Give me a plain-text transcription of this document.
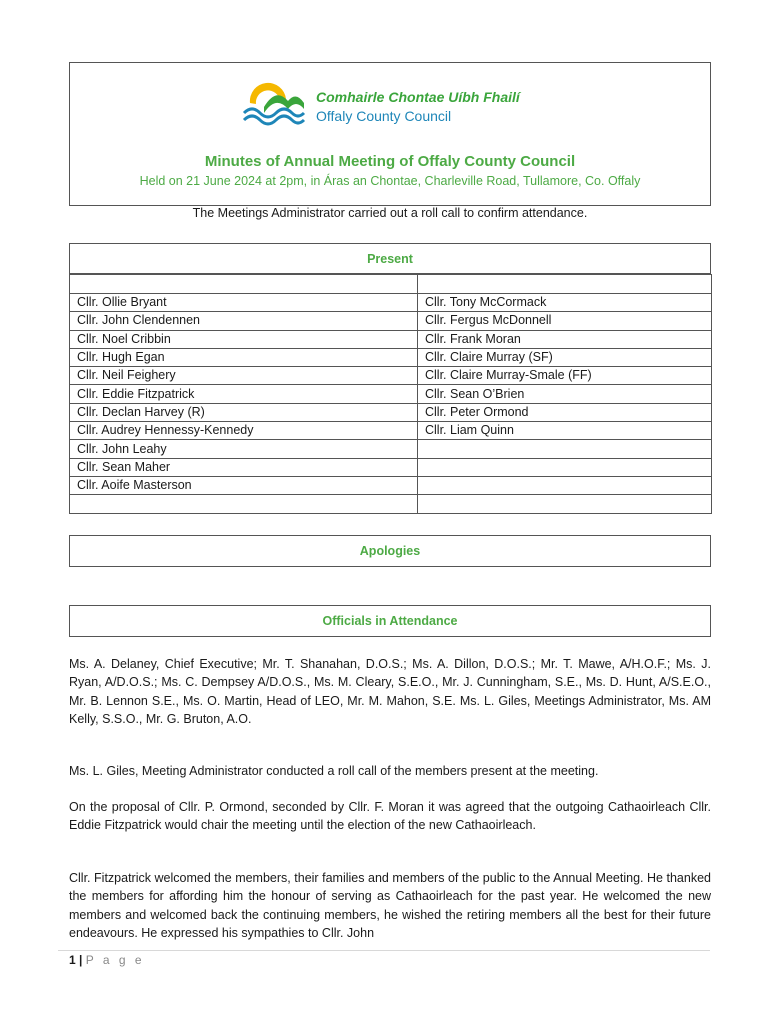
Comhairle Chontae Uíbh Fhailí
Offaly County Council
Minutes of Annual Meeting of Offaly County Council
Held on 21 June 2024 at 2pm, in Áras an Chontae, Charleville Road, Tullamore, Co. Offaly
The Meetings Administrator carried out a roll call to confirm attendance.
Present

Cllr. Ollie Bryant	Cllr. Tony McCormack
Cllr. John Clendennen	Cllr. Fergus McDonnell
Cllr. Noel Cribbin	Cllr. Frank Moran
Cllr. Hugh Egan	Cllr. Claire Murray (SF)
Cllr. Neil Feighery	Cllr. Claire Murray-Smale (FF)
Cllr. Eddie Fitzpatrick	Cllr. Sean O’Brien
Cllr. Declan Harvey (R)	Cllr. Peter Ormond
Cllr. Audrey Hennessy-Kennedy	Cllr. Liam Quinn
Cllr. John Leahy	
Cllr. Sean Maher	
Cllr. Aoife Masterson	

Apologies
Officials in Attendance
Ms. A. Delaney, Chief Executive; Mr. T. Shanahan, D.O.S.; Ms. A. Dillon, D.O.S.; Mr. T. Mawe, A/H.O.F.; Ms. J. Ryan, A/D.O.S.; Ms. C. Dempsey A/D.O.S., Ms. M. Cleary, S.E.O., Mr. J. Cunningham, S.E., Ms. D. Hunt, A/S.E.O., Mr. B. Lennon S.E., Ms. O. Martin, Head of LEO, Mr. M. Mahon, S.E. Ms. L. Giles, Meetings Administrator, Ms. AM Kelly, S.S.O., Mr. G. Bruton, A.O.
Ms. L. Giles, Meeting Administrator conducted a roll call of the members present at the meeting.
On the proposal of Cllr. P. Ormond, seconded by Cllr. F. Moran it was agreed that the outgoing Cathaoirleach Cllr. Eddie Fitzpatrick would chair the meeting until the election of the new Cathaoirleach.
Cllr. Fitzpatrick welcomed the members, their families and members of the public to the Annual Meeting. He thanked the members for affording him the honour of serving as Cathaoirleach for the past year. He welcomed the new members and welcomed back the continuing members, he wished the retiring members all the best for their future endeavours. He expressed his sympathies to Cllr. John
1 | P a g e
